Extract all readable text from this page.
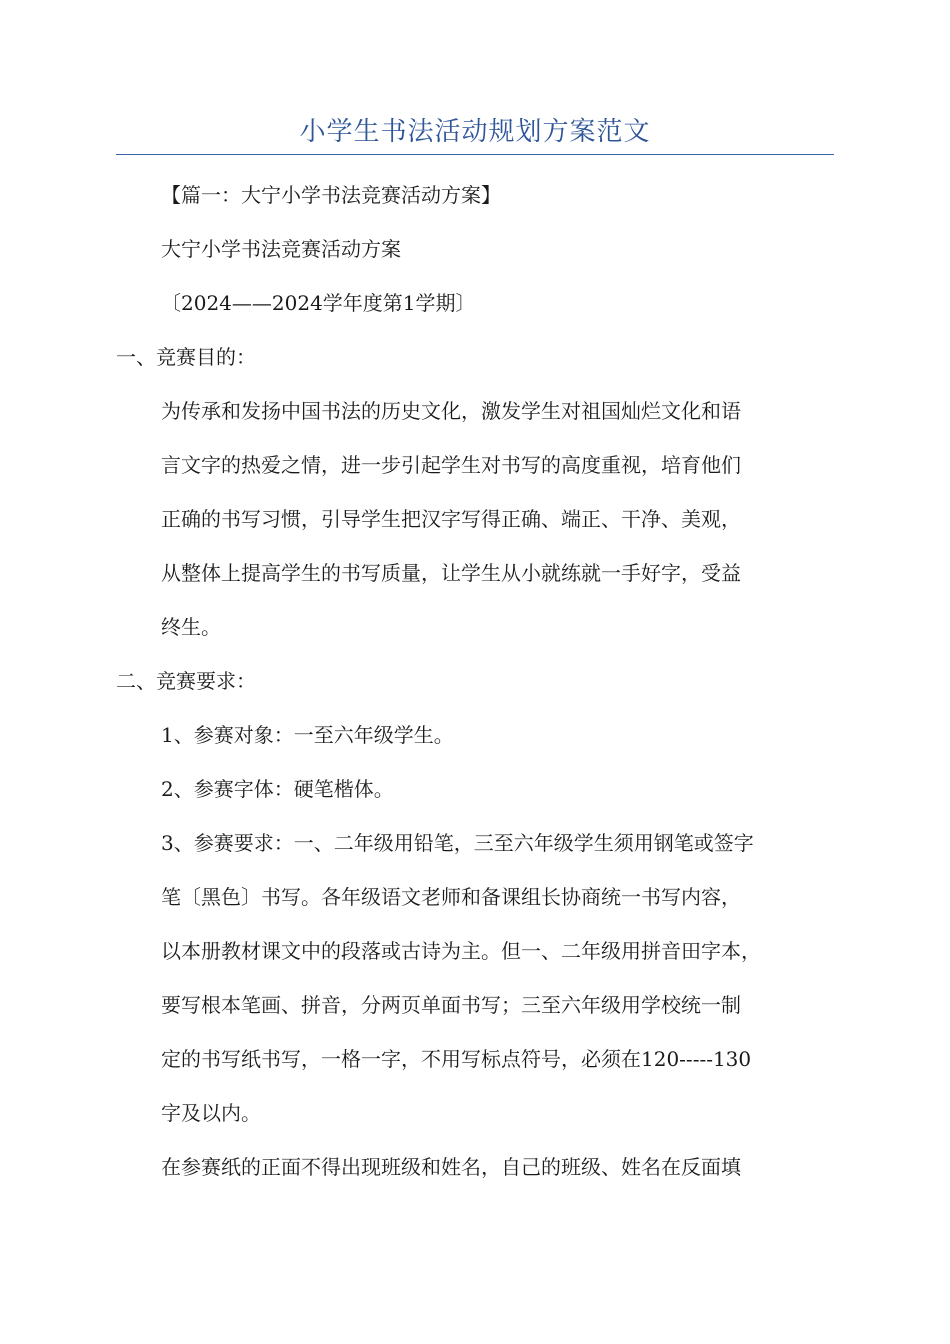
小学生书法活动规划方案范文
【篇一：大宁小学书法竞赛活动方案】
大宁小学书法竞赛活动方案
〔2024——2024学年度第1学期〕
一、竞赛目的：
为传承和发扬中国书法的历史文化，激发学生对祖国灿烂文化和语
言文字的热爱之情，进一步引起学生对书写的高度重视，培育他们
正确的书写习惯，引导学生把汉字写得正确、端正、干净、美观，
从整体上提高学生的书写质量，让学生从小就练就一手好字，受益
终生。
二、竞赛要求：
1、参赛对象：一至六年级学生。
2、参赛字体：硬笔楷体。
3、参赛要求：一、二年级用铅笔，三至六年级学生须用钢笔或签字
笔〔黑色〕书写。各年级语文老师和备课组长协商统一书写内容，
以本册教材课文中的段落或古诗为主。但一、二年级用拼音田字本，
要写根本笔画、拼音，分两页单面书写；三至六年级用学校统一制
定的书写纸书写，一格一字，不用写标点符号，必须在120-----130
字及以内。
在参赛纸的正面不得出现班级和姓名，自己的班级、姓名在反面填
